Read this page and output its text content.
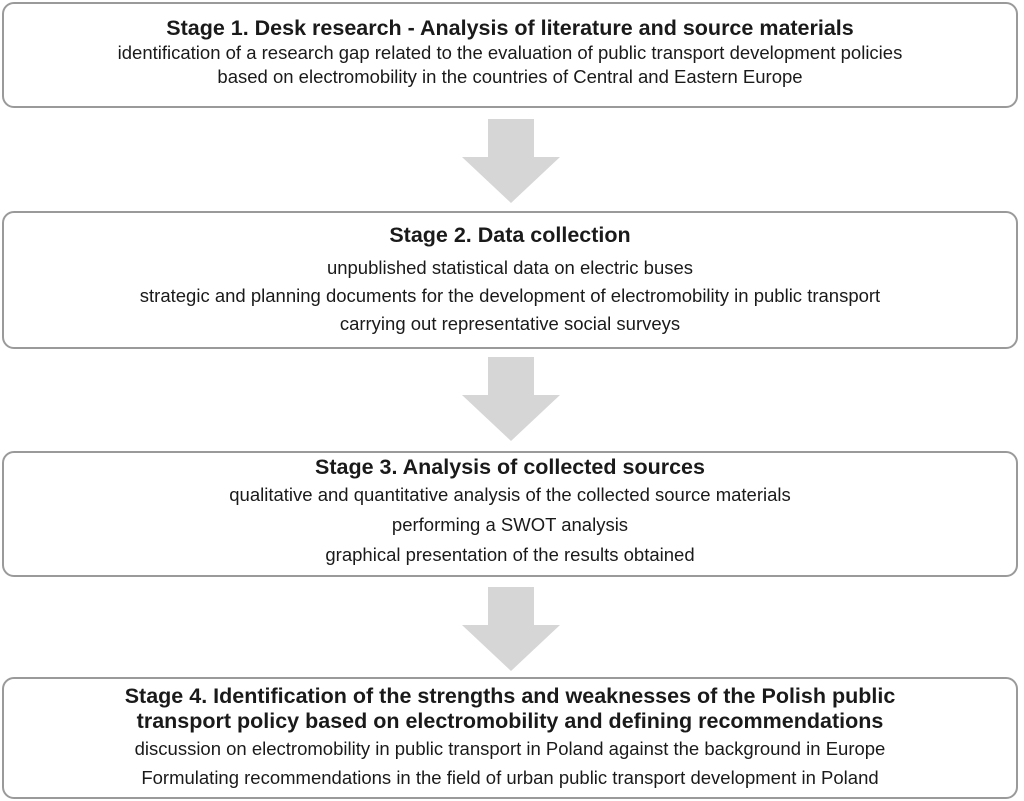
Stage 1. Desk research - Analysis of literature and source materials
identification of a research gap related to the evaluation of public transport development policies
based on electromobility in the countries of Central and Eastern Europe
Stage 2. Data collection
unpublished statistical data on electric buses
strategic and planning documents for the development of electromobility in public transport
carrying out representative social surveys
Stage 3. Analysis of collected sources
qualitative and quantitative analysis of the collected source materials
performing a SWOT analysis
graphical presentation of the results obtained
Stage 4. Identification of the strengths and weaknesses of the Polish public
transport policy based on electromobility and defining recommendations
discussion on electromobility in public transport in Poland against the background in Europe
Formulating recommendations in the field of urban public transport development in Poland
